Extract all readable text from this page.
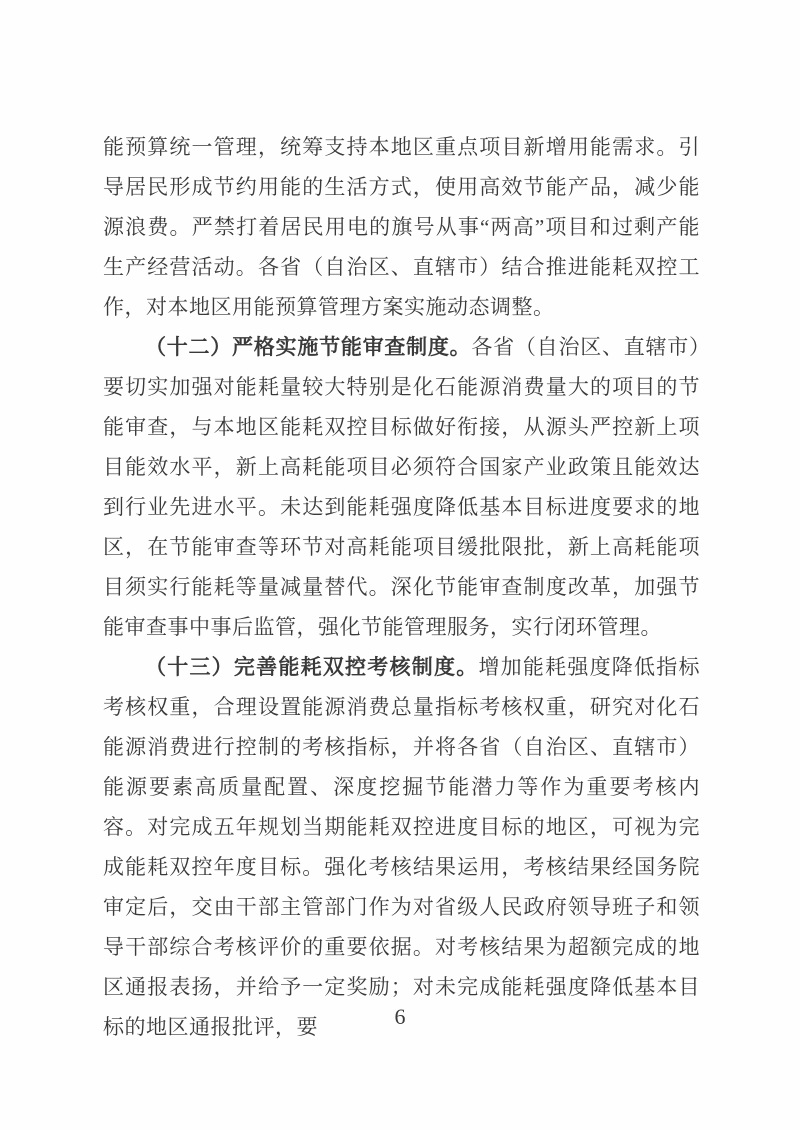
能预算统一管理，统筹支持本地区重点项目新增用能需求。引导居民形成节约用能的生活方式，使用高效节能产品，减少能源浪费。严禁打着居民用电的旗号从事“两高”项目和过剩产能生产经营活动。各省（自治区、直辖市）结合推进能耗双控工作，对本地区用能预算管理方案实施动态调整。

（十二）严格实施节能审查制度。各省（自治区、直辖市）要切实加强对能耗量较大特别是化石能源消费量大的项目的节能审查，与本地区能耗双控目标做好衔接，从源头严控新上项目能效水平，新上高耗能项目必须符合国家产业政策且能效达到行业先进水平。未达到能耗强度降低基本目标进度要求的地区，在节能审查等环节对高耗能项目缓批限批，新上高耗能项目须实行能耗等量减量替代。深化节能审查制度改革，加强节能审查事中事后监管，强化节能管理服务，实行闭环管理。

（十三）完善能耗双控考核制度。增加能耗强度降低指标考核权重，合理设置能源消费总量指标考核权重，研究对化石能源消费进行控制的考核指标，并将各省（自治区、直辖市）能源要素高质量配置、深度挖掘节能潜力等作为重要考核内容。对完成五年规划当期能耗双控进度目标的地区，可视为完成能耗双控年度目标。强化考核结果运用，考核结果经国务院审定后，交由干部主管部门作为对省级人民政府领导班子和领导干部综合考核评价的重要依据。对考核结果为超额完成的地区通报表扬，并给予一定奖励；对未完成能耗强度降低基本目标的地区通报批评，要	6
